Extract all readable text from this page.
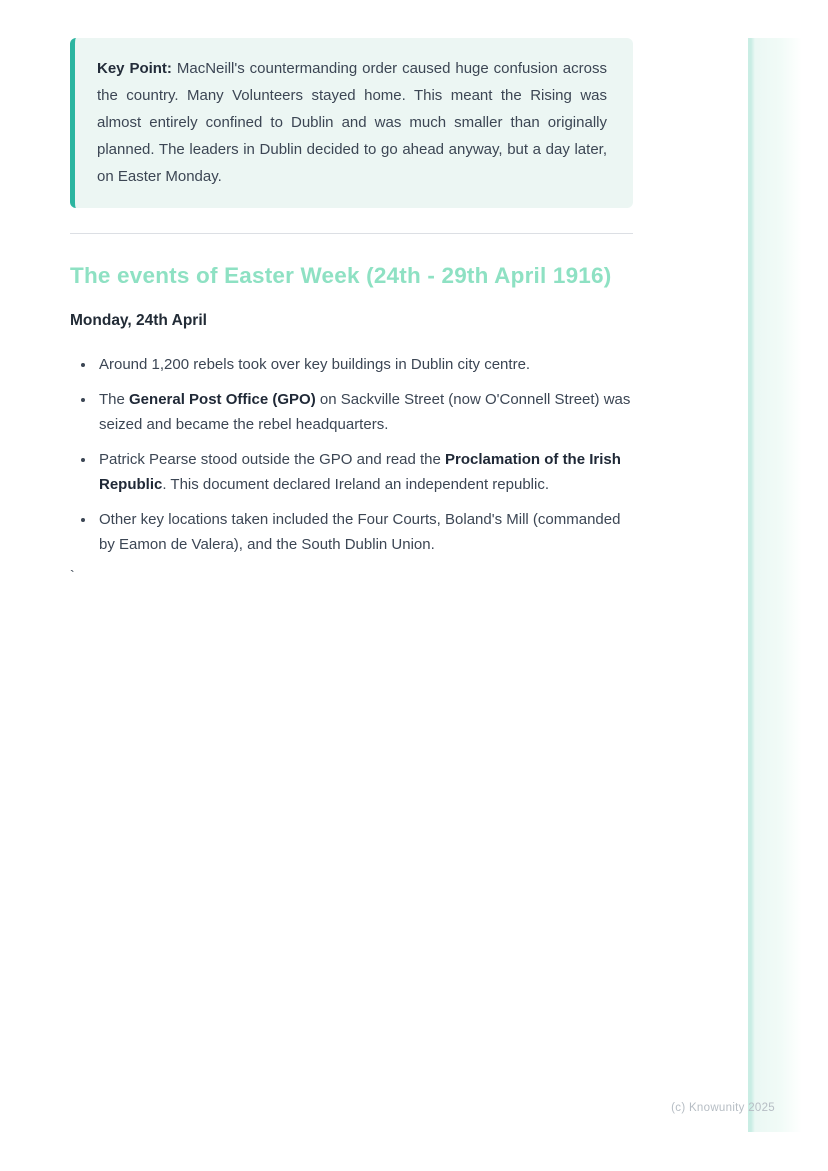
Key Point: MacNeill's countermanding order caused huge confusion across the country. Many Volunteers stayed home. This meant the Rising was almost entirely confined to Dublin and was much smaller than originally planned. The leaders in Dublin decided to go ahead anyway, but a day later, on Easter Monday.

The events of Easter Week (24th - 29th April 1916)
Monday, 24th April
• Around 1,200 rebels took over key buildings in Dublin city centre.
• The General Post Office (GPO) on Sackville Street (now O'Connell Street) was seized and became the rebel headquarters.
• Patrick Pearse stood outside the GPO and read the Proclamation of the Irish Republic. This document declared Ireland an independent republic.
• Other key locations taken included the Four Courts, Boland's Mill (commanded by Eamon de Valera), and the South Dublin Union.
`
(c) Knowunity 2025
